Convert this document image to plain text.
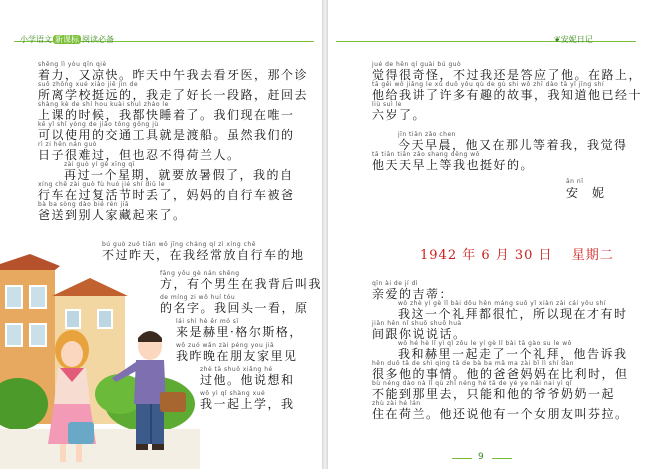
小学语文 新课标 阅读必备	❦安妮日记
shēng lì yòu qīn qiè
着力，又凉快。昨天中午我去看牙医，那个诊
suǒ zhōng xué xiào jiē jìn de
所离学校挺远的，我走了好长一段路，赶回去
shàng kè de shí hou kuài shuì zháo le
上课的时候，我都快睡着了。我们现在唯一
kě yǐ shǐ yòng de jiāo tōng gōng jù
可以使用的交通工具就是渡船。虽然我们的
rì zi hěn nán guò
日子很难过，但也忍不得荷兰人。
zài guò yí gè xīng qī
再过一个星期，就要放暑假了，我的自
xíng chē zài guò fù huó jié shí diū le
行车在过复活节时丢了，妈妈的自行车被爸
bà ba sòng dào bié rén jiā
爸送到别人家藏起来了。
bú guò zuó tiān wǒ jīng cháng qí zì xíng chē
不过昨天，在我经常放自行车的地
fāng yǒu gè nán shēng
方，有个男生在我背后叫我
de míng zi wǒ huí tóu
的名字。我回头一看，原
lái shì hè ěr mó sī
来是赫里·格尔斯格，
wǒ zuó wǎn zài péng you jiā
我昨晚在朋友家里见
zhè tā shuō xiǎng hé
过他。他说想和
wǒ yì qǐ shàng xué
我一起上学，我
jué de hěn qí guài bú guò
觉得很奇怪，不过我还是答应了他。在路上，
tā gěi wǒ jiǎng le xǔ duō yǒu qù de gù shi wǒ zhī dào tā yǐ jīng shí
他给我讲了许多有趣的故事，我知道他已经十
liù suì le
六岁了。
jīn tiān zǎo chen
今天早晨，他又在那儿等着我，我觉得
tā tiān tiān zǎo shang děng wǒ
他天天早上等我也挺好的。
ān nī
安　妮
1942 年 6 月 30 日　 星期二
qīn ài de jí dì
亲爱的吉蒂：
wǒ zhè yí gè lǐ bài dōu hěn máng suǒ yǐ xiàn zài cái yǒu shí
我这一个礼拜都很忙，所以现在才有时
jiān hěn nǐ shuō shuō huà
间跟你说说话。
wǒ hé hè lǐ yì qǐ zǒu le yí gè lǐ bài tā gào su le wǒ
我和赫里一起走了一个礼拜，他告诉我
hěn duō tā de shì qing tā de bà ba mā ma zài bǐ lì shí dàn
很多他的事情。他的爸爸妈妈在比利时，但
bù néng dào nà lǐ qù zhǐ néng hé tā de yé ye nǎi nai yì qǐ
不能到那里去，只能和他的爷爷奶奶一起
zhù zài hé lán
住在荷兰。他还说他有一个女朋友叫芬拉。
9
